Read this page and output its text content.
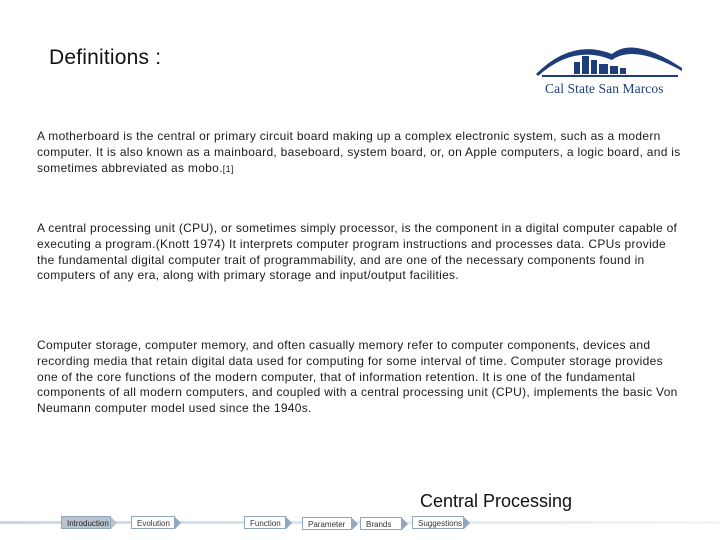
Definitions :
Cal State San Marcos
A motherboard is the central or primary circuit board making up a complex electronic system, such as a modern computer. It is also known as a mainboard, baseboard, system board, or, on Apple computers, a logic board, and is sometimes abbreviated as mobo.[1]
A central processing unit (CPU), or sometimes simply processor, is the component in a digital computer capable of executing a program.(Knott 1974) It interprets computer program instructions and processes data. CPUs provide the fundamental digital computer trait of programmability, and are one of the necessary components found in computers of any era, along with primary storage and input/output facilities.
Computer storage, computer memory, and often casually memory refer to computer components, devices and recording media that retain digital data used for computing for some interval of time. Computer storage provides one of the core functions of the modern computer, that of information retention. It is one of the fundamental components of all modern computers, and coupled with a central processing unit (CPU), implements the basic Von Neumann computer model used since the 1940s.
Central Processing
Introduction	Evolution	Function	Parameter	Brands	Suggestions
